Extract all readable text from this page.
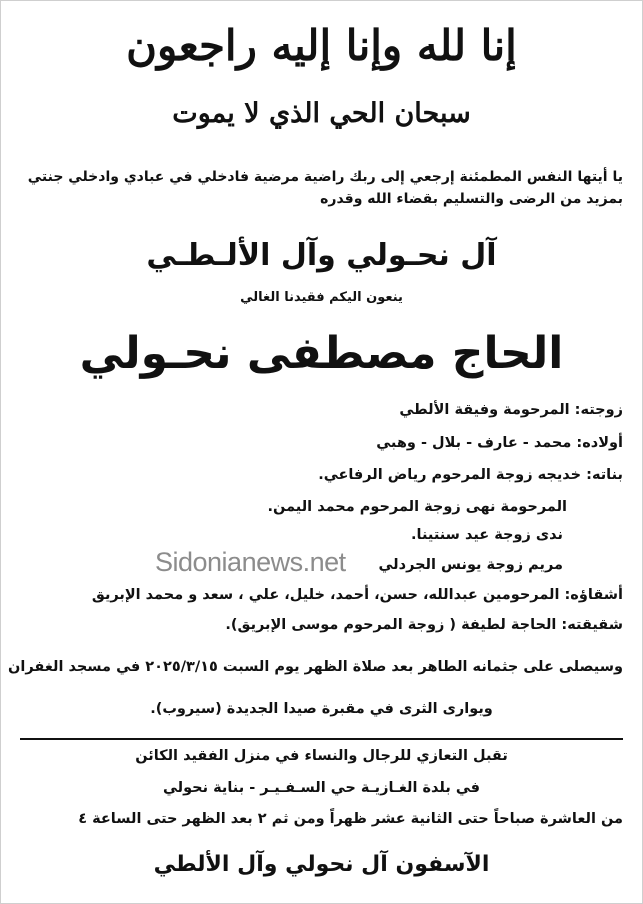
إنا لله وإنا إليه راجعون
سبحان الحي الذي لا يموت
يا أيتها النفس المطمئنة إرجعي إلى ربك راضية مرضية فادخلي في عبادي وادخلي جنتي
بمزيد من الرضى والتسليم بقضاء الله وقدره
آل نحـولي وآل الألـطـي
ينعون اليكم فقيدنا الغالي
الحاج مصطفى نحـولي
زوجته: المرحومة وفيقة الألطي
أولاده: محمد - عارف - بلال - وهبي
بناته: خديجه زوجة المرحوم رياض الرفاعي.
المرحومة نهى زوجة المرحوم محمد اليمن.
ندى زوجة عيد سنتينا.
مريم زوجة يونس الجردلي
Sidonianews.net
أشقاؤه: المرحومين عبدالله، حسن، أحمد، خليل، علي ، سعد و محمد الإبريق
شقيقته: الحاجة لطيفة ( زوجة المرحوم موسى الإبريق).
وسيصلى على جثمانه الطاهر بعد صلاة الظهر يوم السبت ٢٠٢٥/٣/١٥ في مسجد الغفران
ويوارى الثرى في مقبرة صيدا الجديدة (سيروب).
تقبل التعازي للرجال والنساء في منزل الفقيد الكائن
في بلدة الغـازيـة حي السـفـيـر - بناية نحولي
من العاشرة صباحاً حتى الثانية عشر ظهراً ومن ثم ٢ بعد الظهر حتى الساعة ٤
الآسفون آل نحولي وآل الألطي
